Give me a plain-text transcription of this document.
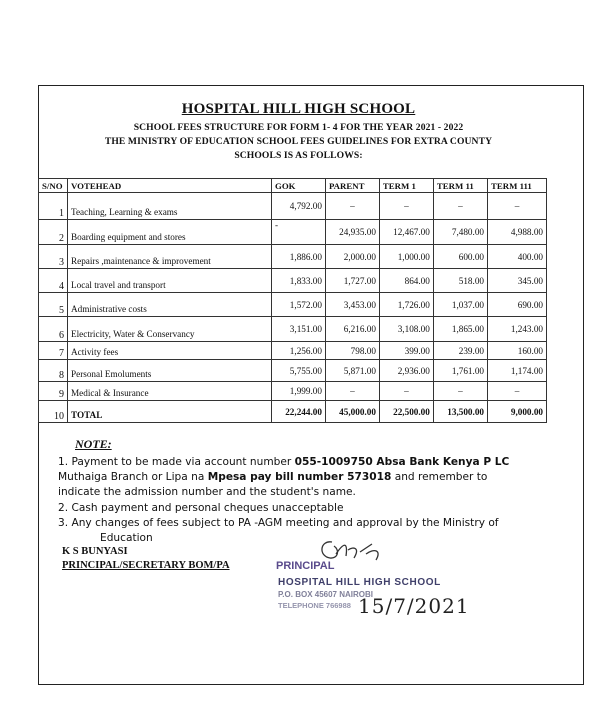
HOSPITAL HILL HIGH SCHOOL
SCHOOL FEES STRUCTURE FOR FORM 1- 4 FOR THE YEAR 2021 - 2022
THE MINISTRY OF EDUCATION SCHOOL FEES GUIDELINES FOR EXTRA COUNTY
SCHOOLS IS AS FOLLOWS:
S/NO	VOTEHEAD	GOK	PARENT	TERM 1	TERM 11	TERM 111
1	Teaching, Learning & exams	4,792.00	–	–	–	–
2	Boarding equipment and stores	-	24,935.00	12,467.00	7,480.00	4,988.00
3	Repairs ,maintenance & improvement	1,886.00	2,000.00	1,000.00	600.00	400.00
4	Local travel and transport	1,833.00	1,727.00	864.00	518.00	345.00
5	Administrative costs	1,572.00	3,453.00	1,726.00	1,037.00	690.00
6	Electricity, Water & Conservancy	3,151.00	6,216.00	3,108.00	1,865.00	1,243.00
7	Activity fees	1,256.00	798.00	399.00	239.00	160.00
8	Personal Emoluments	5,755.00	5,871.00	2,936.00	1,761.00	1,174.00
9	Medical & Insurance	1,999.00	–	–	–	–
10	TOTAL	22,244.00	45,000.00	22,500.00	13,500.00	9,000.00
NOTE:

1. Payment to be made via account number 055-1009750 Absa Bank Kenya P LC

Muthaiga Branch or Lipa na Mpesa pay bill number 573018 and remember to

indicate the admission number and the student's name.

2. Cash payment and personal cheques unacceptable

3. Any changes of fees subject to PA -AGM meeting and approval by the Ministry of

Education

K S BUNYASI
PRINCIPAL/SECRETARY BOM/PA	PRINCIPAL
HOSPITAL HILL HIGH SCHOOL
P.O. BOX 45607 NAIROBI
TELEPHONE 766988 15/7/2021
